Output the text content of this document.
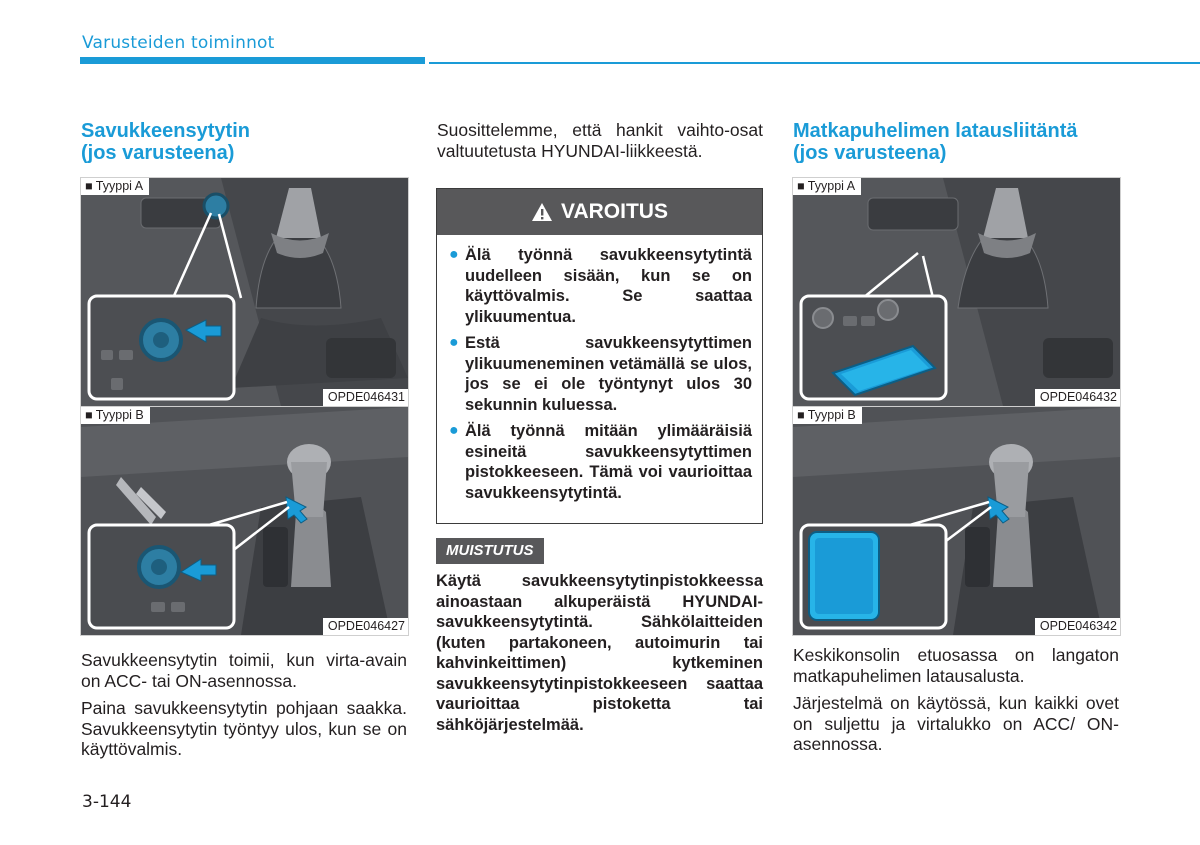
Varusteiden toiminnot
Savukkeensytytin
(jos varusteena)
■ Tyyppi A
OPDE046431
■ Tyyppi B
OPDE046427

Savukkeensytytin toimii, kun virta-avain on ACC- tai ON-asennossa.

Paina savukkeensytytin pohjaan saakka. Savukkeensytytin työntyy ulos, kun se on käyttövalmis.

Suosittelemme, että hankit vaihto-osat valtuutetusta HYUNDAI-liikkeestä.

VAROITUS
● Älä työnnä savukkeensytytintä uudelleen sisään, kun se on käyttövalmis. Se saattaa ylikuumentua.
● Estä savukkeensytyttimen ylikuumeneminen vetämällä se ulos, jos se ei ole työntynyt ulos 30 sekunnin kuluessa.
● Älä työnnä mitään ylimääräisiä esineitä savukkeensytyttimen pistokkeeseen. Tämä voi vaurioittaa savukkeensytytintä.
MUISTUTUS
Käytä savukkeensytytinpistokkeessa ainoastaan alkuperäistä HYUNDAI-savukkeensytytintä. Sähkölaitteiden (kuten partakoneen, autoimurin tai kahvinkeittimen) kytkeminen savukkeensytytinpistokkeeseen saattaa vaurioittaa pistoketta tai sähköjärjestelmää.
Matkapuhelimen latausliitäntä
(jos varusteena)
■ Tyyppi A
OPDE046432
■ Tyyppi B
OPDE046342

Keskikonsolin etuosassa on langaton matkapuhelimen latausalusta.

Järjestelmä on käytössä, kun kaikki ovet on suljettu ja virtalukko on ACC/ ON-asennossa.

3-144
